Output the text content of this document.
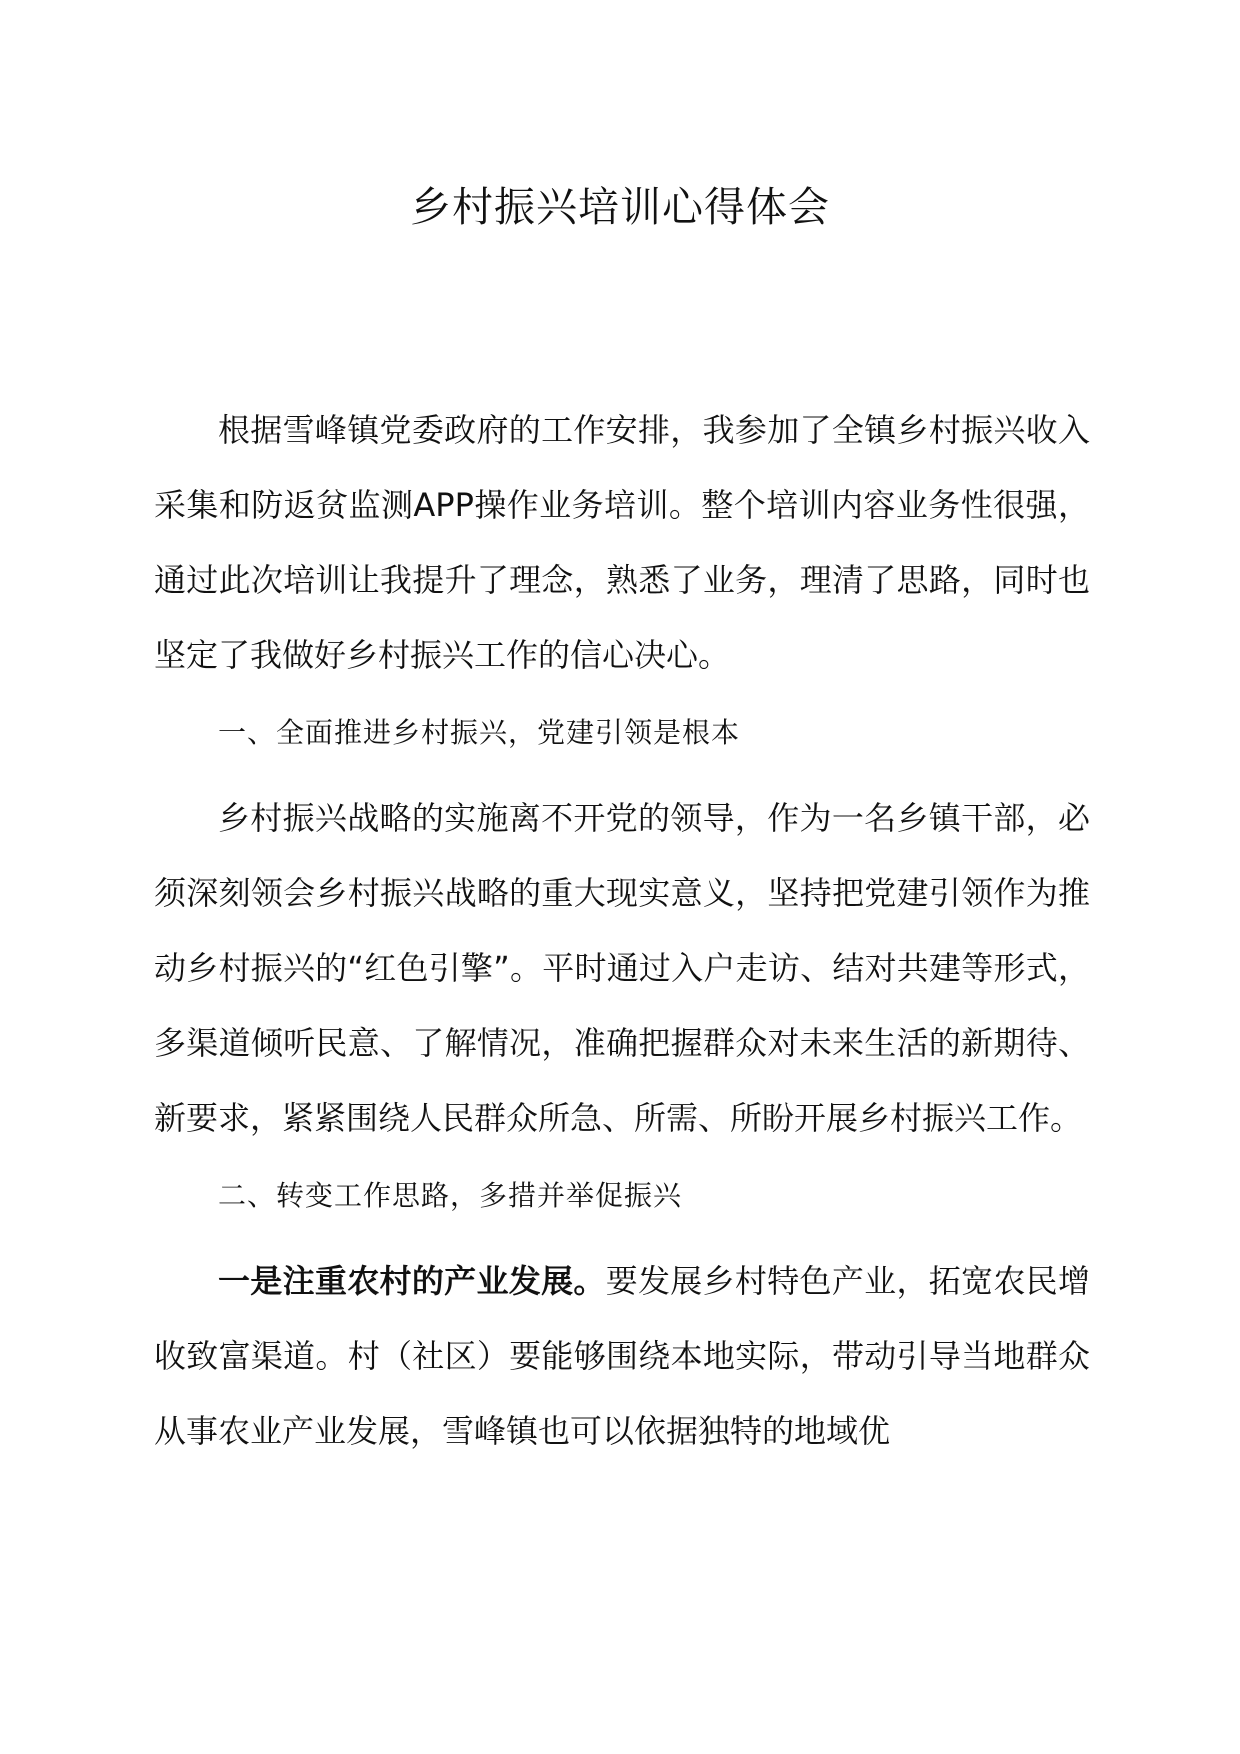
乡村振兴培训心得体会

根据雪峰镇党委政府的工作安排，我参加了全镇乡村振兴收入采集和防返贫监测APP操作业务培训。整个培训内容业务性很强，通过此次培训让我提升了理念，熟悉了业务，理清了思路，同时也坚定了我做好乡村振兴工作的信心决心。

一、全面推进乡村振兴，党建引领是根本

乡村振兴战略的实施离不开党的领导，作为一名乡镇干部，必须深刻领会乡村振兴战略的重大现实意义，坚持把党建引领作为推动乡村振兴的“红色引擎”。平时通过入户走访、结对共建等形式，多渠道倾听民意、了解情况，准确把握群众对未来生活的新期待、新要求，紧紧围绕人民群众所急、所需、所盼开展乡村振兴工作。

二、转变工作思路，多措并举促振兴

一是注重农村的产业发展。要发展乡村特色产业，拓宽农民增收致富渠道。村（社区）要能够围绕本地实际，带动引导当地群众从事农业产业发展，雪峰镇也可以依据独特的地域优
